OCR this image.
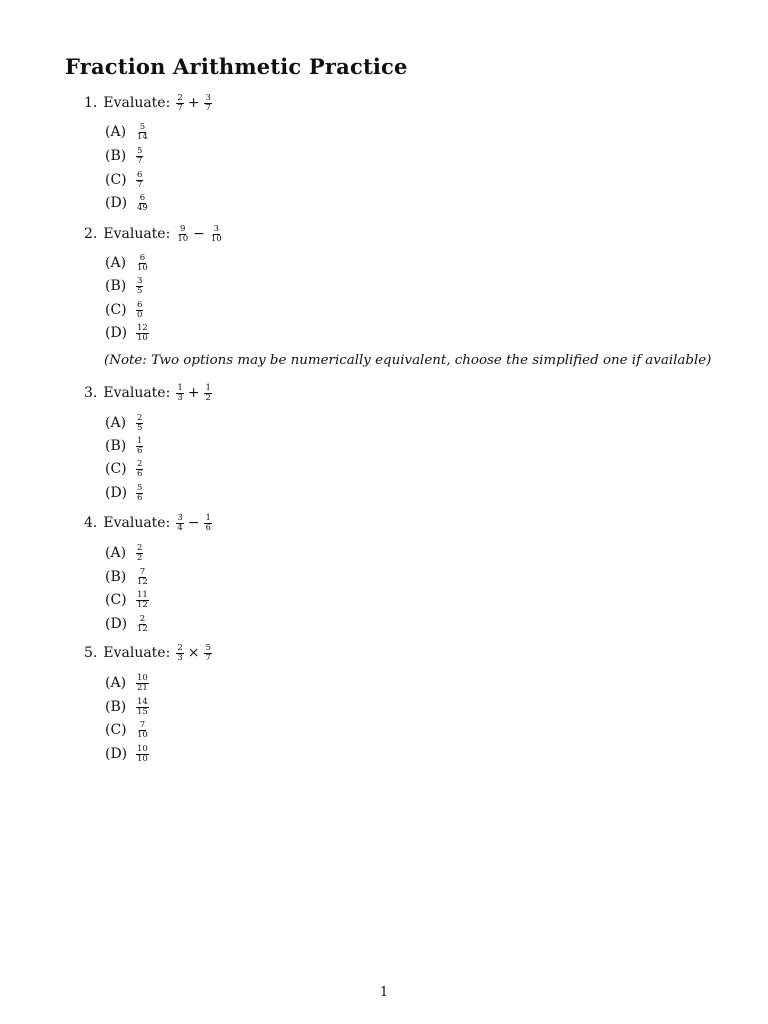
Fraction Arithmetic Practice
1. Evaluate: $\frac{2}{7} + \frac{3}{7}$
(A)	$\frac{5}{14}$
(B)	$\frac{5}{7}$
(C)	$\frac{6}{7}$
(D)	$\frac{6}{49}$
2. Evaluate: $\frac{9}{10} - \frac{3}{10}$
(A)	$\frac{6}{10}$
(B)	$\frac{3}{5}$
(C)	$\frac{6}{0}$
(D)	$\frac{12}{10}$
(Note: Two options may be numerically equivalent, choose the simplified one if available)
3. Evaluate: $\frac{1}{3} + \frac{1}{2}$
(A)	$\frac{2}{5}$
(B)	$\frac{1}{6}$
(C)	$\frac{2}{6}$
(D)	$\frac{5}{6}$
4. Evaluate: $\frac{3}{4} - \frac{1}{6}$
(A)	$\frac{2}{2}$
(B)	$\frac{7}{12}$
(C)	$\frac{11}{12}$
(D)	$\frac{2}{12}$
5. Evaluate: $\frac{2}{3} \times \frac{5}{7}$
(A)	$\frac{10}{21}$
(B)	$\frac{14}{15}$
(C)	$\frac{7}{10}$
(D)	$\frac{10}{10}$
1
